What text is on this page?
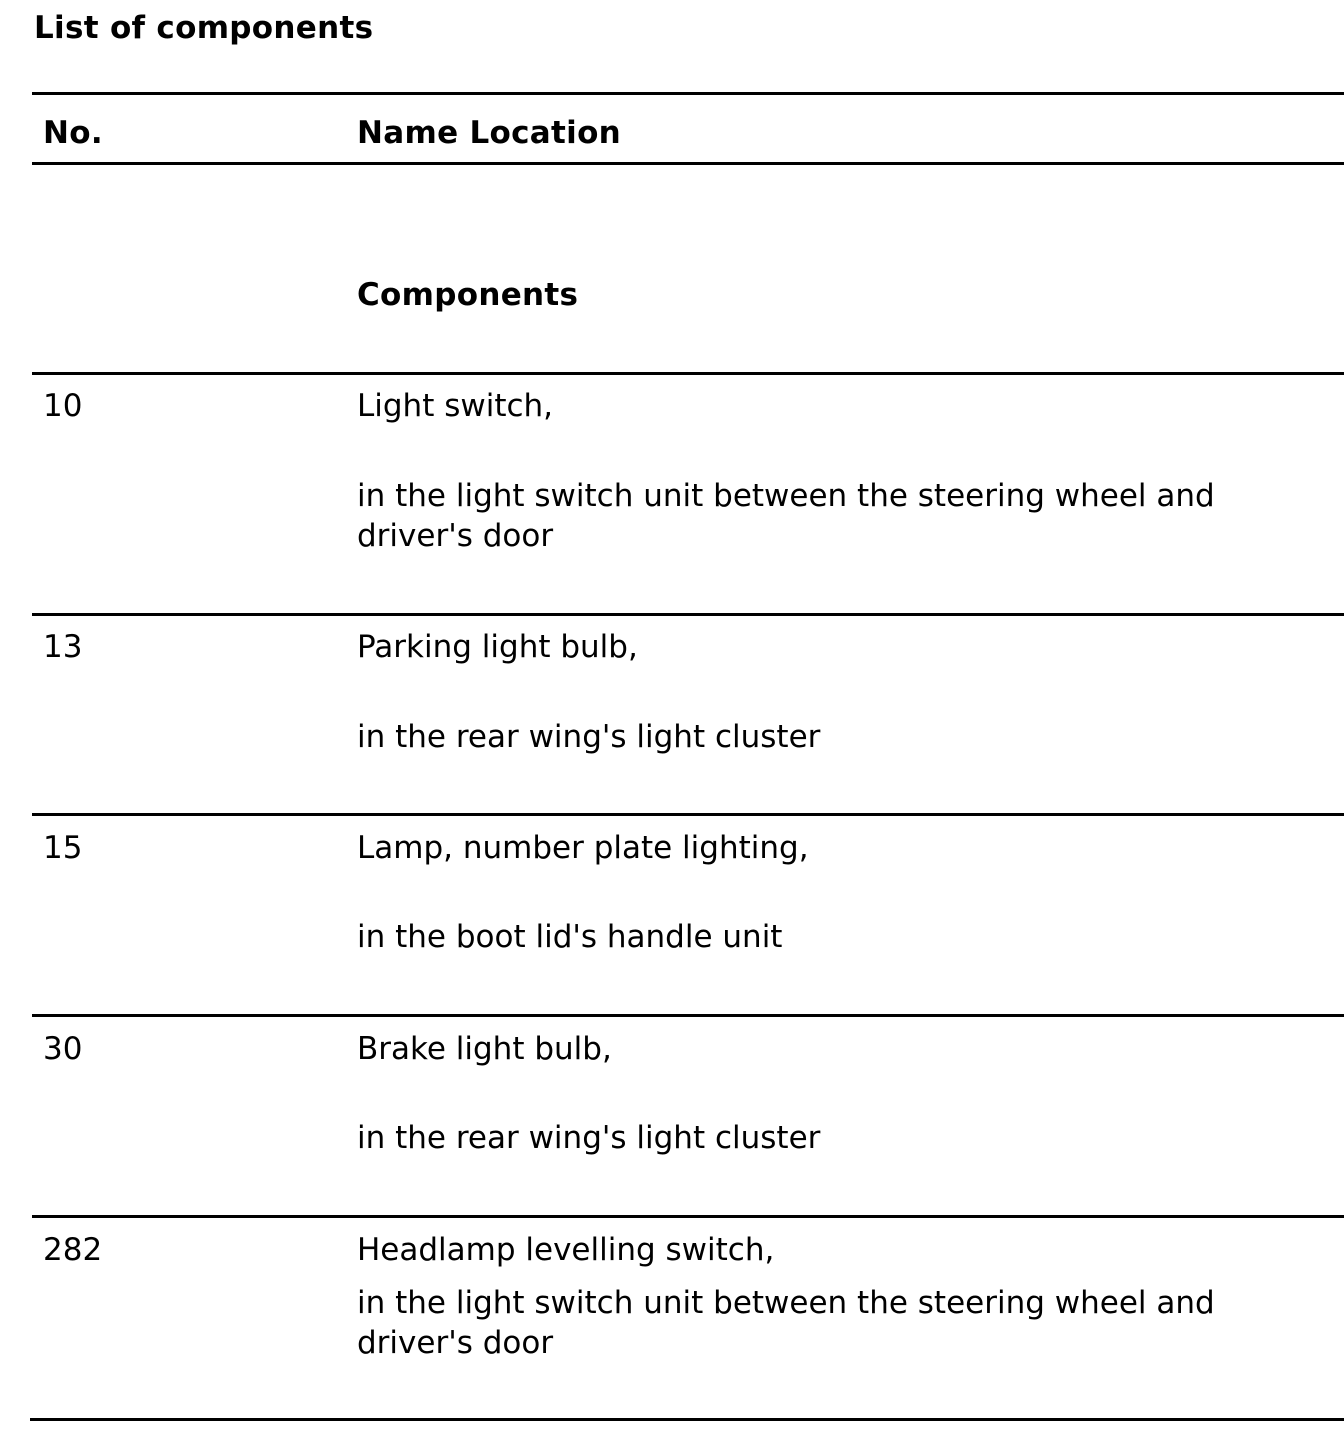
List of components
No.	Name Location
Components
10	Light switch,
in the light switch unit between the steering wheel and driver's door
13	Parking light bulb,
in the rear wing's light cluster
15	Lamp, number plate lighting,
in the boot lid's handle unit
30	Brake light bulb,
in the rear wing's light cluster
282	Headlamp levelling switch,
in the light switch unit between the steering wheel and driver's door
